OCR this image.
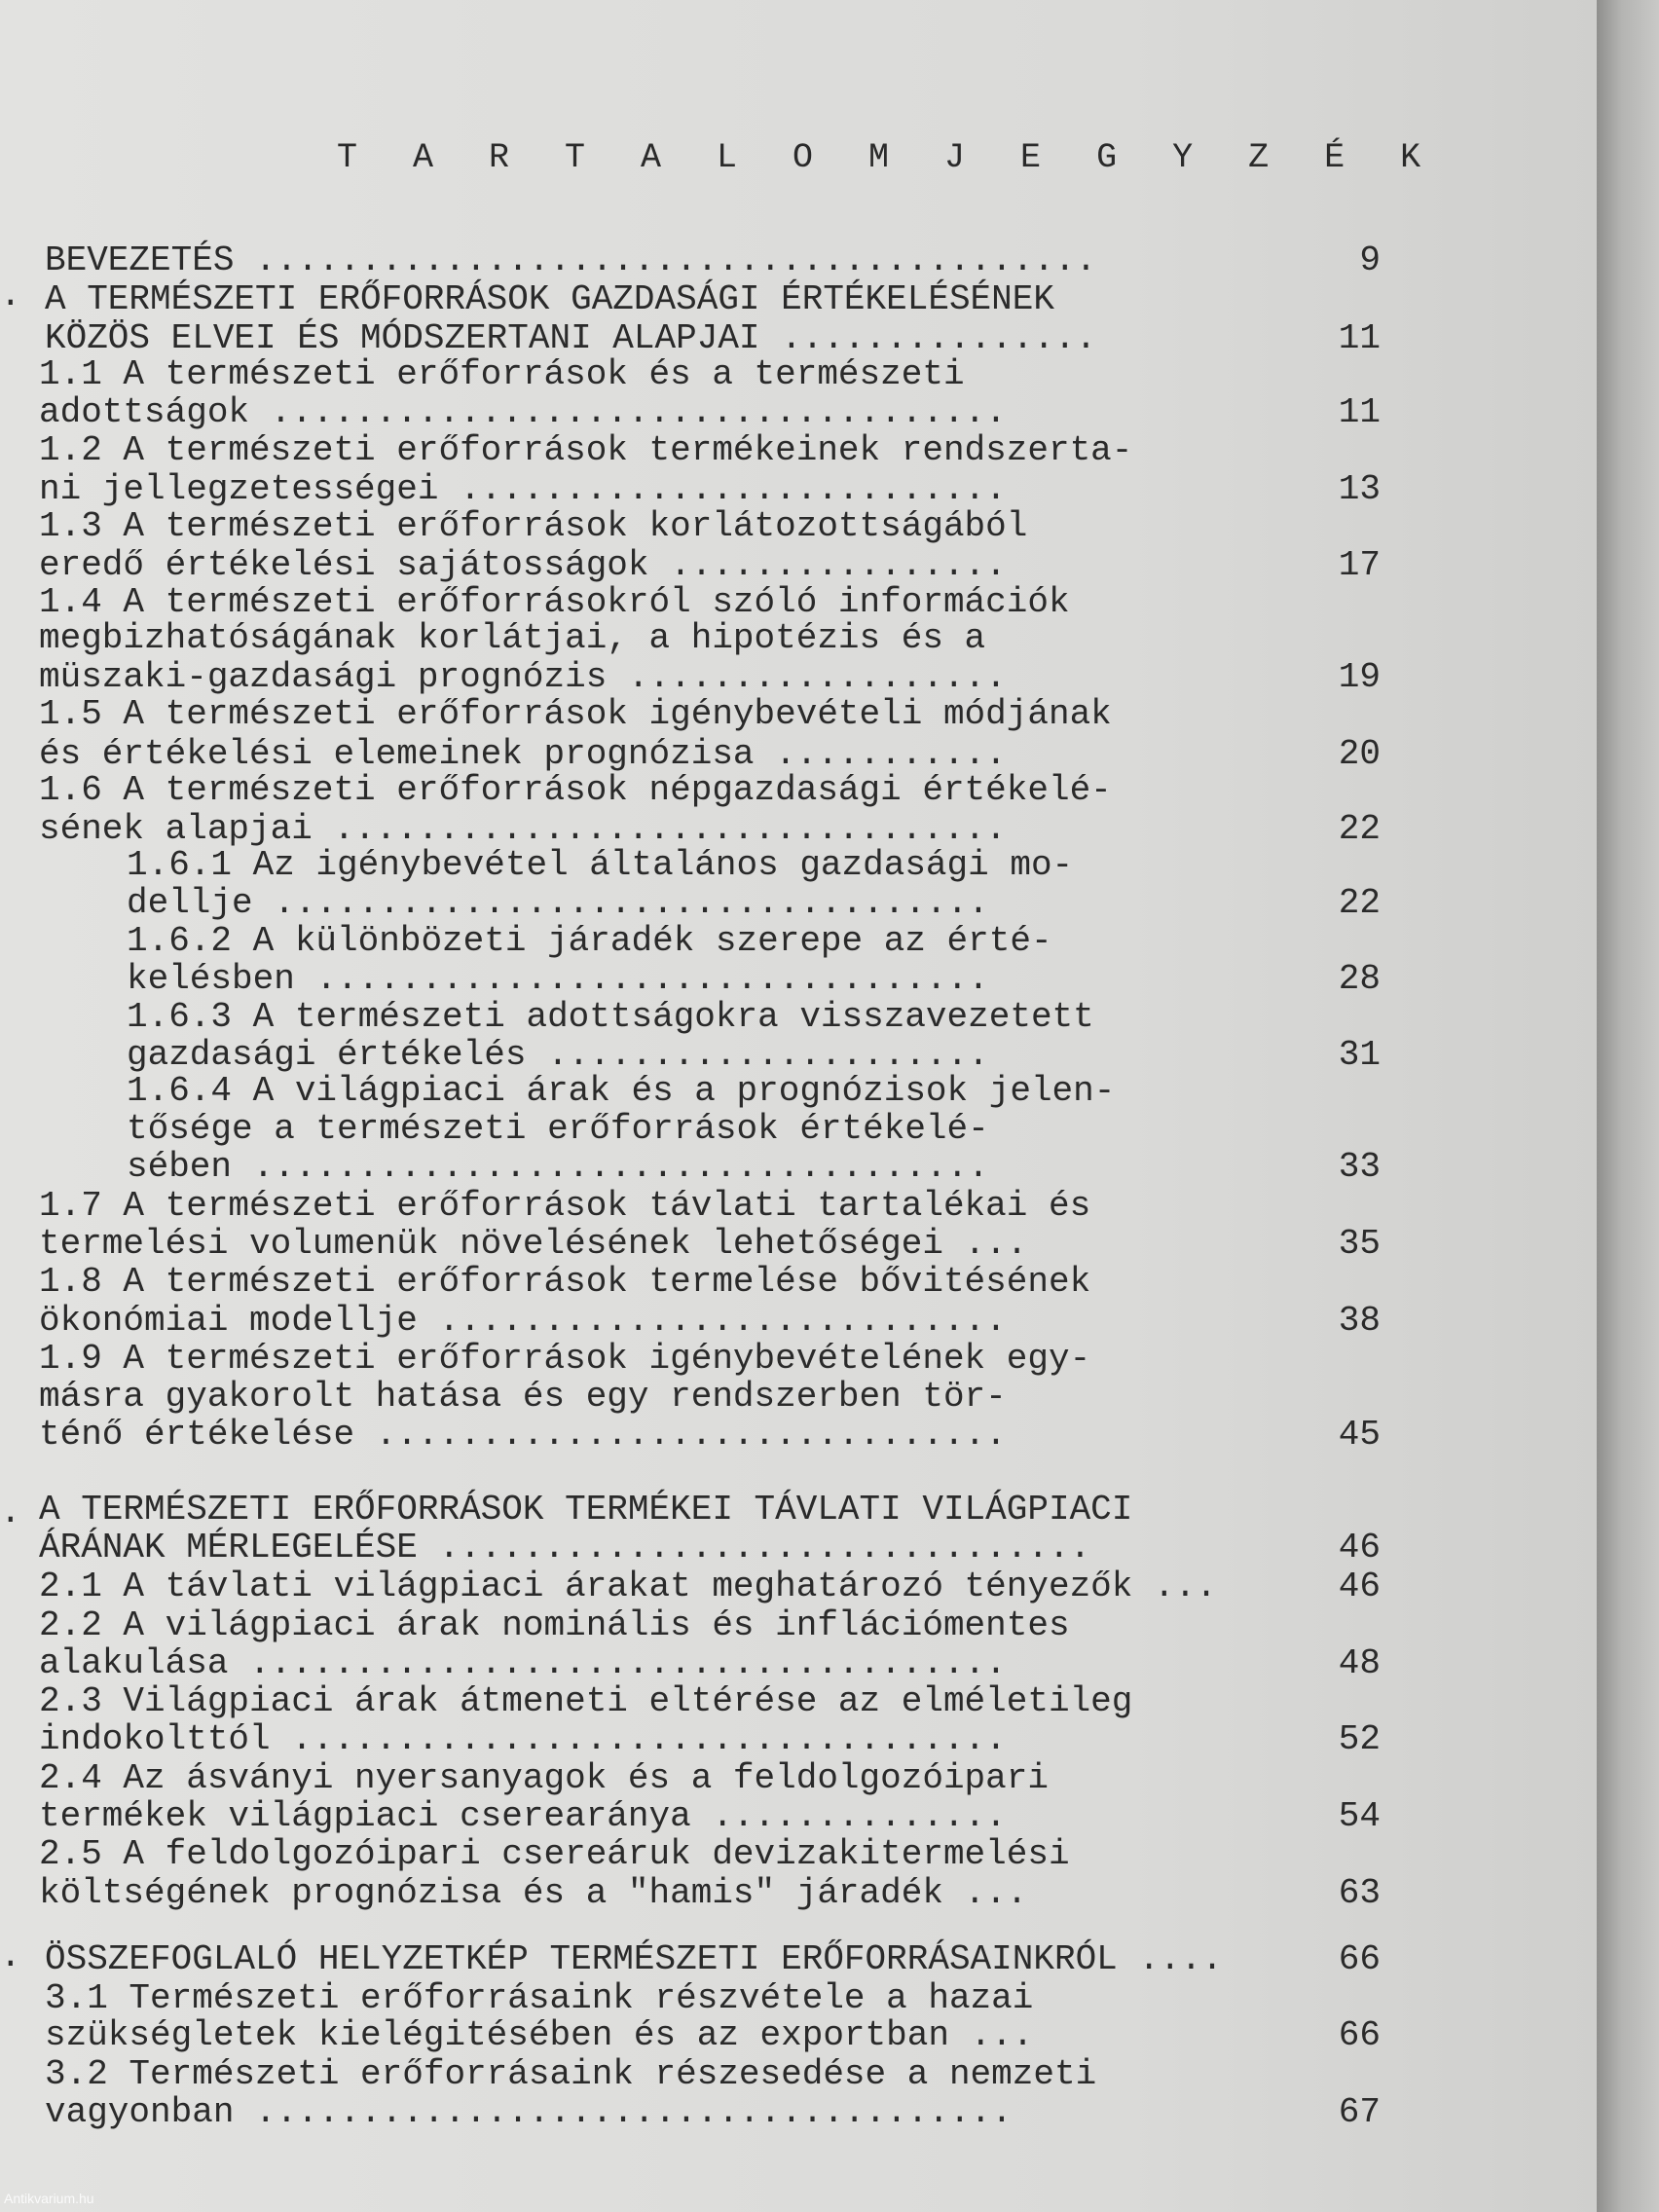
T A R T A L O M J E G Y Z É K
.
.
.
BEVEZETÉS ........................................	9
A TERMÉSZETI ERŐFORRÁSOK GAZDASÁGI ÉRTÉKELÉSÉNEK
KÖZÖS ELVEI ÉS MÓDSZERTANI ALAPJAI ...............	11
1.1 A természeti erőforrások és a természeti
adottságok ...................................	11
1.2 A természeti erőforrások termékeinek rendszerta-
ni jellegzetességei ..........................	13
1.3 A természeti erőforrások korlátozottságából
eredő értékelési sajátosságok ................	17
1.4 A természeti erőforrásokról szóló információk
megbizhatóságának korlátjai, a hipotézis és a
müszaki-gazdasági prognózis ..................	19
1.5 A természeti erőforrások igénybevételi módjának
és értékelési elemeinek prognózisa ...........	20
1.6 A természeti erőforrások népgazdasági értékelé-
sének alapjai ................................	22
1.6.1 Az igénybevétel általános gazdasági mo-
dellje ..................................	22
1.6.2 A különbözeti járadék szerepe az érté-
kelésben ................................	28
1.6.3 A természeti adottságokra visszavezetett
gazdasági értékelés .....................	31
1.6.4 A világpiaci árak és a prognózisok jelen-
tősége a természeti erőforrások értékelé-
sében ...................................	33
1.7 A természeti erőforrások távlati tartalékai és
termelési volumenük növelésének lehetőségei ...	35
1.8 A természeti erőforrások termelése bővitésének
ökonómiai modellje ...........................	38
1.9 A természeti erőforrások igénybevételének egy-
másra gyakorolt hatása és egy rendszerben tör-
ténő értékelése ..............................	45
A TERMÉSZETI ERŐFORRÁSOK TERMÉKEI TÁVLATI VILÁGPIACI
ÁRÁNAK MÉRLEGELÉSE ...............................	46
2.1 A távlati világpiaci árakat meghatározó tényezők ...	46
2.2 A világpiaci árak nominális és inflációmentes
alakulása ....................................	48
2.3 Világpiaci árak átmeneti eltérése az elméletileg
indokolttól ..................................	52
2.4 Az ásványi nyersanyagok és a feldolgozóipari
termékek világpiaci cserearánya ..............	54
2.5 A feldolgozóipari csereáruk devizakitermelési
költségének prognózisa és a "hamis" járadék ...	63
ÖSSZEFOGLALÓ HELYZETKÉP TERMÉSZETI ERŐFORRÁSAINKRÓL ....	66
3.1 Természeti erőforrásaink részvétele a hazai
szükségletek kielégitésében és az exportban ...	66
3.2 Természeti erőforrásaink részesedése a nemzeti
vagyonban ....................................	67
Antikvarium.hu
